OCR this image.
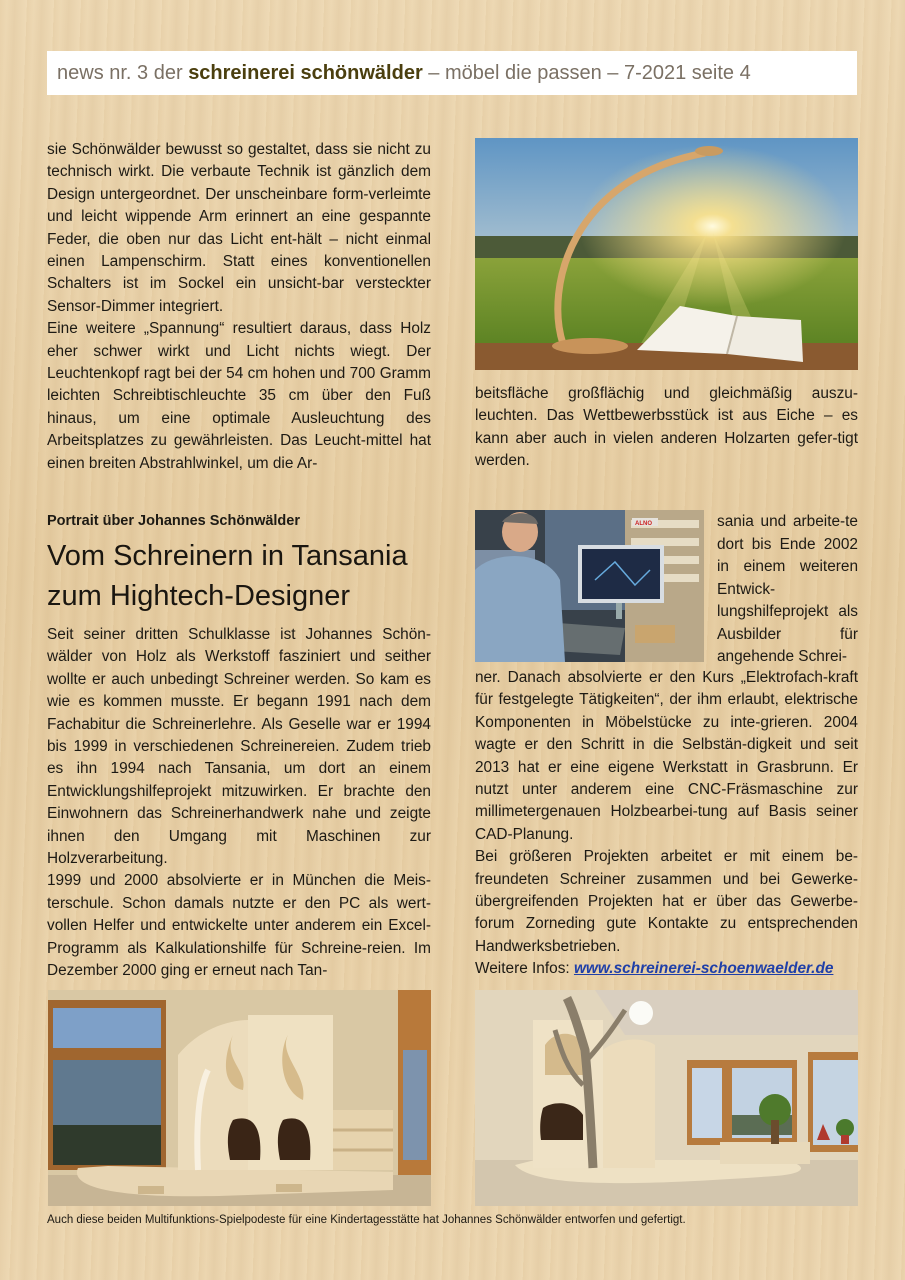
news nr. 3 der schreinerei schönwälder – möbel die passen – 7-2021 seite 4

sie Schönwälder bewusst so gestaltet, dass sie nicht zu technisch wirkt. Die verbaute Technik ist gänzlich dem Design untergeordnet. Der unscheinbare form-verleimte und leicht wippende Arm erinnert an eine gespannte Feder, die oben nur das Licht ent-hält – nicht einmal einen Lampenschirm. Statt eines konventionellen Schalters ist im Sockel ein unsicht-bar versteckter Sensor-Dimmer integriert.

Eine weitere „Spannung“ resultiert daraus, dass Holz eher schwer wirkt und Licht nichts wiegt. Der Leuchtenkopf ragt bei der 54 cm hohen und 700 Gramm leichten Schreibtischleuchte 35 cm über den Fuß hinaus, um eine optimale Ausleuchtung des Arbeitsplatzes zu gewährleisten. Das Leucht-mittel hat einen breiten Abstrahlwinkel, um die Ar-

beitsfläche großflächig und gleichmäßig auszu-leuchten. Das Wettbewerbsstück ist aus Eiche – es kann aber auch in vielen anderen Holzarten gefer-tigt werden.

Portrait über Johannes Schönwälder
Vom Schreinern in Tansania zum Hightech-Designer

Seit seiner dritten Schulklasse ist Johannes Schön-wälder von Holz als Werkstoff fasziniert und seither wollte er auch unbedingt Schreiner werden. So kam es wie es kommen musste. Er begann 1991 nach dem Fachabitur die Schreinerlehre. Als Geselle war er 1994 bis 1999 in verschiedenen Schreinereien. Zudem trieb es ihn 1994 nach Tansania, um dort an einem Entwicklungshilfeprojekt mitzuwirken. Er brachte den Einwohnern das Schreinerhandwerk nahe und zeigte ihnen den Umgang mit Maschinen zur Holzverarbeitung.

1999 und 2000 absolvierte er in München die Meis-terschule. Schon damals nutzte er den PC als wert-vollen Helfer und entwickelte unter anderem ein Excel-Programm als Kalkulationshilfe für Schreine-reien. Im Dezember 2000 ging er erneut nach Tan-

ALNO	sania und arbeite-te dort bis Ende 2002 in einem weiteren Entwick-lungshilfeprojekt als Ausbilder für angehende Schrei-

ner. Danach absolvierte er den Kurs „Elektrofach-kraft für festgelegte Tätigkeiten“, der ihm erlaubt, elektrische Komponenten in Möbelstücke zu inte-grieren. 2004 wagte er den Schritt in die Selbstän-digkeit und seit 2013 hat er eine eigene Werkstatt in Grasbrunn. Er nutzt unter anderem eine CNC-Fräsmaschine zur millimetergenauen Holzbearbei-tung auf Basis seiner CAD-Planung.

Bei größeren Projekten arbeitet er mit einem be-freundeten Schreiner zusammen und bei Gewerke-übergreifenden Projekten hat er über das Gewerbe-forum Zorneding gute Kontakte zu entsprechenden Handwerksbetrieben.

Weitere Infos: www.schreinerei-schoenwaelder.de

Auch diese beiden Multifunktions-Spielpodeste für eine Kindertagesstätte hat Johannes Schönwälder entworfen und gefertigt.
